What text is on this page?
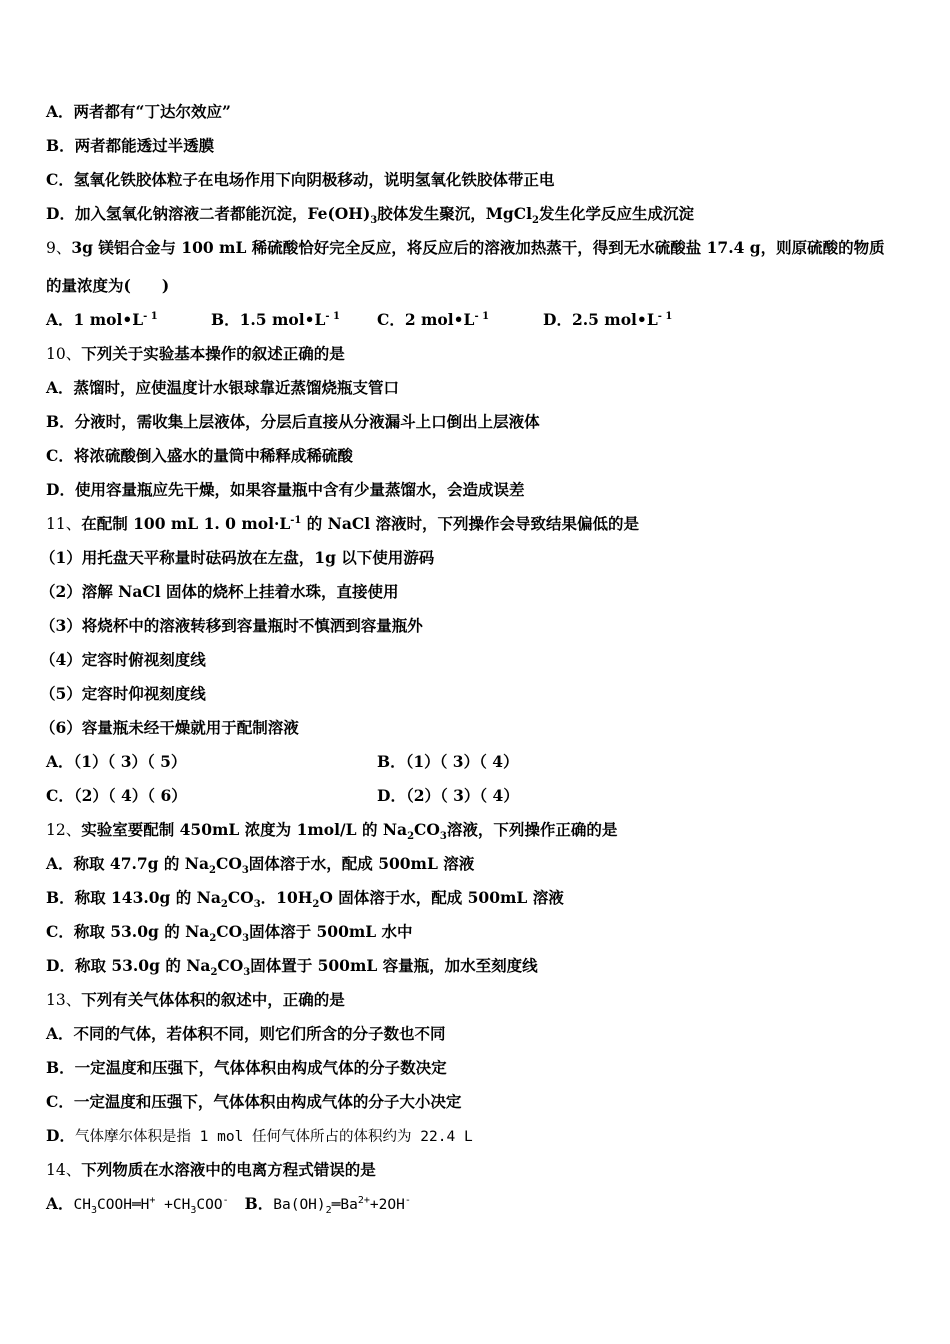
A．两者都有“丁达尔效应”
B．两者都能透过半透膜
C．氢氧化铁胶体粒子在电场作用下向阴极移动，说明氢氧化铁胶体带正电
D．加入氢氧化钠溶液二者都能沉淀，$Fe(OH)_3$胶体发生聚沉，MgCl$_2$发生化学反应生成沉淀
9、3g 镁铝合金与 100 mL 稀硫酸恰好完全反应，将反应后的溶液加热蒸干，得到无水硫酸盐 17.4 g，则原硫酸的物质
的量浓度为(　　)
A．1 $mol•L^{- 1}$	B．1.5 $mol•L^{- 1}$ C．2 $mol•L^{- 1}$	D．2.5 $mol•L^{- 1}$
10、下列关于实验基本操作的叙述正确的是
A．蒸馏时，应使温度计水银球靠近蒸馏烧瓶支管口
B．分液时，需收集上层液体，分层后直接从分液漏斗上口倒出上层液体
C．将浓硫酸倒入盛水的量筒中稀释成稀硫酸
D．使用容量瓶应先干燥，如果容量瓶中含有少量蒸馏水，会造成误差
11、在配制 100 mL 1. 0 $mol\cdot L^{-1}$ 的 NaCl 溶液时，下列操作会导致结果偏低的是
（1）用托盘天平称量时砝码放在左盘，1g 以下使用游码
（2）溶解 NaCl 固体的烧杯上挂着水珠，直接使用
（3）将烧杯中的溶液转移到容量瓶时不慎洒到容量瓶外
（4）定容时俯视刻度线
（5）定容时仰视刻度线
（6）容量瓶未经干燥就用于配制溶液
A．（1）（ 3）（ 5）	B．（1）（ 3）（ 4）
C．（2）（ 4）（ 6）	D．（2）（ 3）（ 4）
12、实验室要配制 450mL 浓度为 1mol/L 的 $Na_2CO_3$溶液，下列操作正确的是
A．称取 47.7g 的 $Na_2CO_3$固体溶于水，配成 500mL 溶液
B．称取 143.0g 的 $Na_2CO_3$．$10H_2O$ 固体溶于水，配成 500mL 溶液
C．称取 53.0g 的 $Na_2CO_3$固体溶于 500mL 水中
D．称取 53.0g 的 $Na_2CO_3$固体置于 500mL 容量瓶，加水至刻度线
13、下列有关气体体积的叙述中，正确的是
A．不同的气体，若体积不同，则它们所含的分子数也不同
B．一定温度和压强下，气体体积由构成气体的分子数决定
C．一定温度和压强下，气体体积由构成气体的分子大小决定
D．气体摩尔体积是指 1 mol 任何气体所占的体积约为 22.4 L
14、下列物质在水溶液中的电离方程式错误的是
A．$CH_3COOH═H^+ +CH_3COO^-$ B．$Ba(OH)_2═Ba^{2+}+2OH^-$
